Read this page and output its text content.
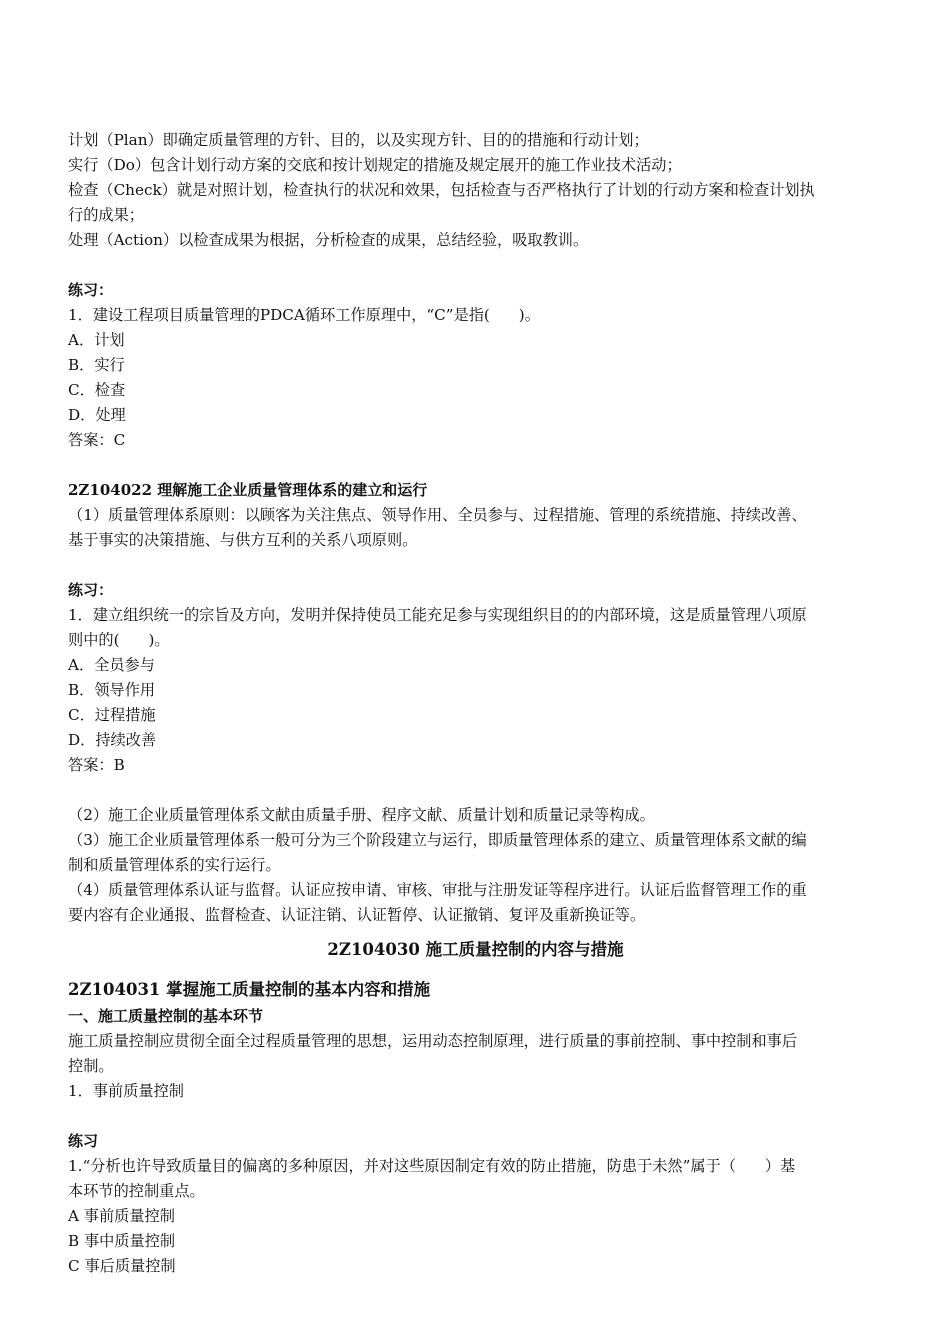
计划（Plan）即确定质量管理的方针、目的，以及实现方针、目的的措施和行动计划；
实行（Do）包含计划行动方案的交底和按计划规定的措施及规定展开的施工作业技术活动；
检查（Check）就是对照计划，检查执行的状况和效果，包括检查与否严格执行了计划的行动方案和检查计划执
行的成果；
处理（Action）以检查成果为根据，分析检查的成果，总结经验，吸取教训。
练习：
1．建设工程项目质量管理的PDCA循环工作原理中，“C”是指(      )。
A．计划
B．实行
C．检查
D．处理
答案：C
2Z104022 理解施工企业质量管理体系的建立和运行
（1）质量管理体系原则：以顾客为关注焦点、领导作用、全员参与、过程措施、管理的系统措施、持续改善、
基于事实的决策措施、与供方互利的关系八项原则。
练习：
1．建立组织统一的宗旨及方向，发明并保持使员工能充足参与实现组织目的的内部环境，这是质量管理八项原
则中的(      )。
A．全员参与
B．领导作用
C．过程措施
D．持续改善
答案：B
（2）施工企业质量管理体系文献由质量手册、程序文献、质量计划和质量记录等构成。
（3）施工企业质量管理体系一般可分为三个阶段建立与运行，即质量管理体系的建立、质量管理体系文献的编
制和质量管理体系的实行运行。
（4）质量管理体系认证与监督。认证应按申请、审核、审批与注册发证等程序进行。认证后监督管理工作的重
要内容有企业通报、监督检查、认证注销、认证暂停、认证撤销、复评及重新换证等。
2Z104030 施工质量控制的内容与措施
2Z104031 掌握施工质量控制的基本内容和措施
一、施工质量控制的基本环节
施工质量控制应贯彻全面全过程质量管理的思想，运用动态控制原理，进行质量的事前控制、事中控制和事后
控制。
1．事前质量控制
练习
1.“分析也许导致质量目的偏离的多种原因，并对这些原因制定有效的防止措施，防患于未然”属于（      ）基
本环节的控制重点。
A 事前质量控制
B 事中质量控制
C 事后质量控制
